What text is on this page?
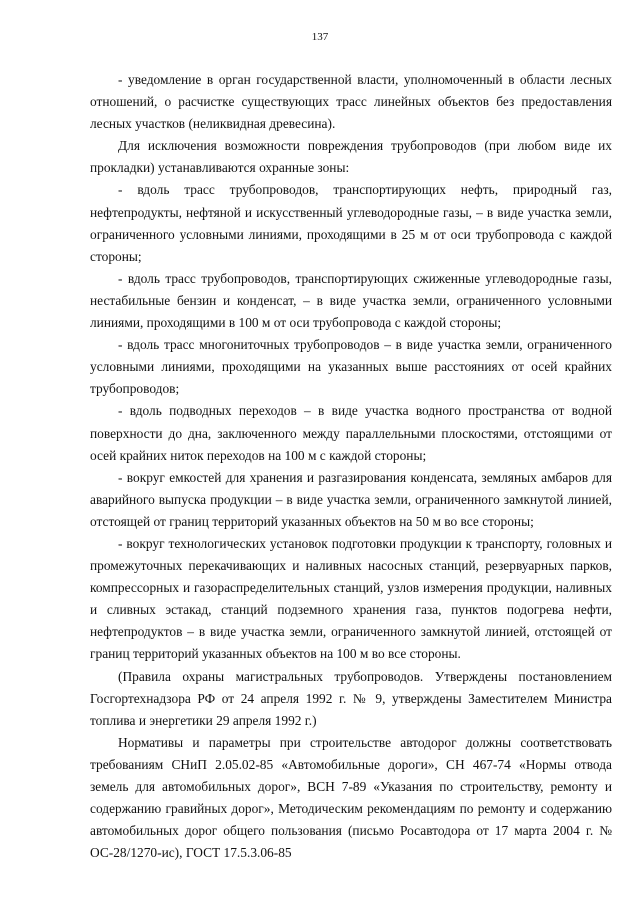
137

- уведомление в орган государственной власти, уполномоченный в области лесных отношений, о расчистке существующих трасс линейных объектов без предоставления лесных участков (неликвидная древесина).

Для исключения возможности повреждения трубопроводов (при любом виде их прокладки) устанавливаются охранные зоны:

- вдоль трасс трубопроводов, транспортирующих нефть, природный газ, нефтепродукты, нефтяной и искусственный углеводородные газы, – в виде участка земли, ограниченного условными линиями, проходящими в 25 м от оси трубопровода с каждой стороны;

- вдоль трасс трубопроводов, транспортирующих сжиженные углеводородные газы, нестабильные бензин и конденсат, – в виде участка земли, ограниченного условными линиями, проходящими в 100 м от оси трубопровода с каждой стороны;

- вдоль трасс многониточных трубопроводов – в виде участка земли, ограниченного условными линиями, проходящими на указанных выше расстояниях от осей крайних трубопроводов;

- вдоль подводных переходов – в виде участка водного пространства от водной поверхности до дна, заключенного между параллельными плоскостями, отстоящими от осей крайних ниток переходов на 100 м с каждой стороны;

- вокруг емкостей для хранения и разгазирования конденсата, земляных амбаров для аварийного выпуска продукции – в виде участка земли, ограниченного замкнутой линией, отстоящей от границ территорий указанных объектов на 50 м во все стороны;

- вокруг технологических установок подготовки продукции к транспорту, головных и промежуточных перекачивающих и наливных насосных станций, резервуарных парков, компрессорных и газораспределительных станций, узлов измерения продукции, наливных и сливных эстакад, станций подземного хранения газа, пунктов подогрева нефти, нефтепродуктов – в виде участка земли, ограниченного замкнутой линией, отстоящей от границ территорий указанных объектов на 100 м во все стороны.

(Правила охраны магистральных трубопроводов. Утверждены постановлением Госгортехнадзора РФ от 24 апреля 1992 г. № 9, утверждены Заместителем Министра топлива и энергетики 29 апреля 1992 г.)

Нормативы и параметры при строительстве автодорог должны соответствовать требованиям СНиП 2.05.02-85 «Автомобильные дороги», СН 467-74 «Нормы отвода земель для автомобильных дорог», ВСН 7-89 «Указания по строительству, ремонту и содержанию гравийных дорог», Методическим рекомендациям по ремонту и содержанию автомобильных дорог общего пользования (письмо Росавтодора от 17 марта 2004 г. № ОС-28/1270-ис), ГОСТ 17.5.3.06-85
